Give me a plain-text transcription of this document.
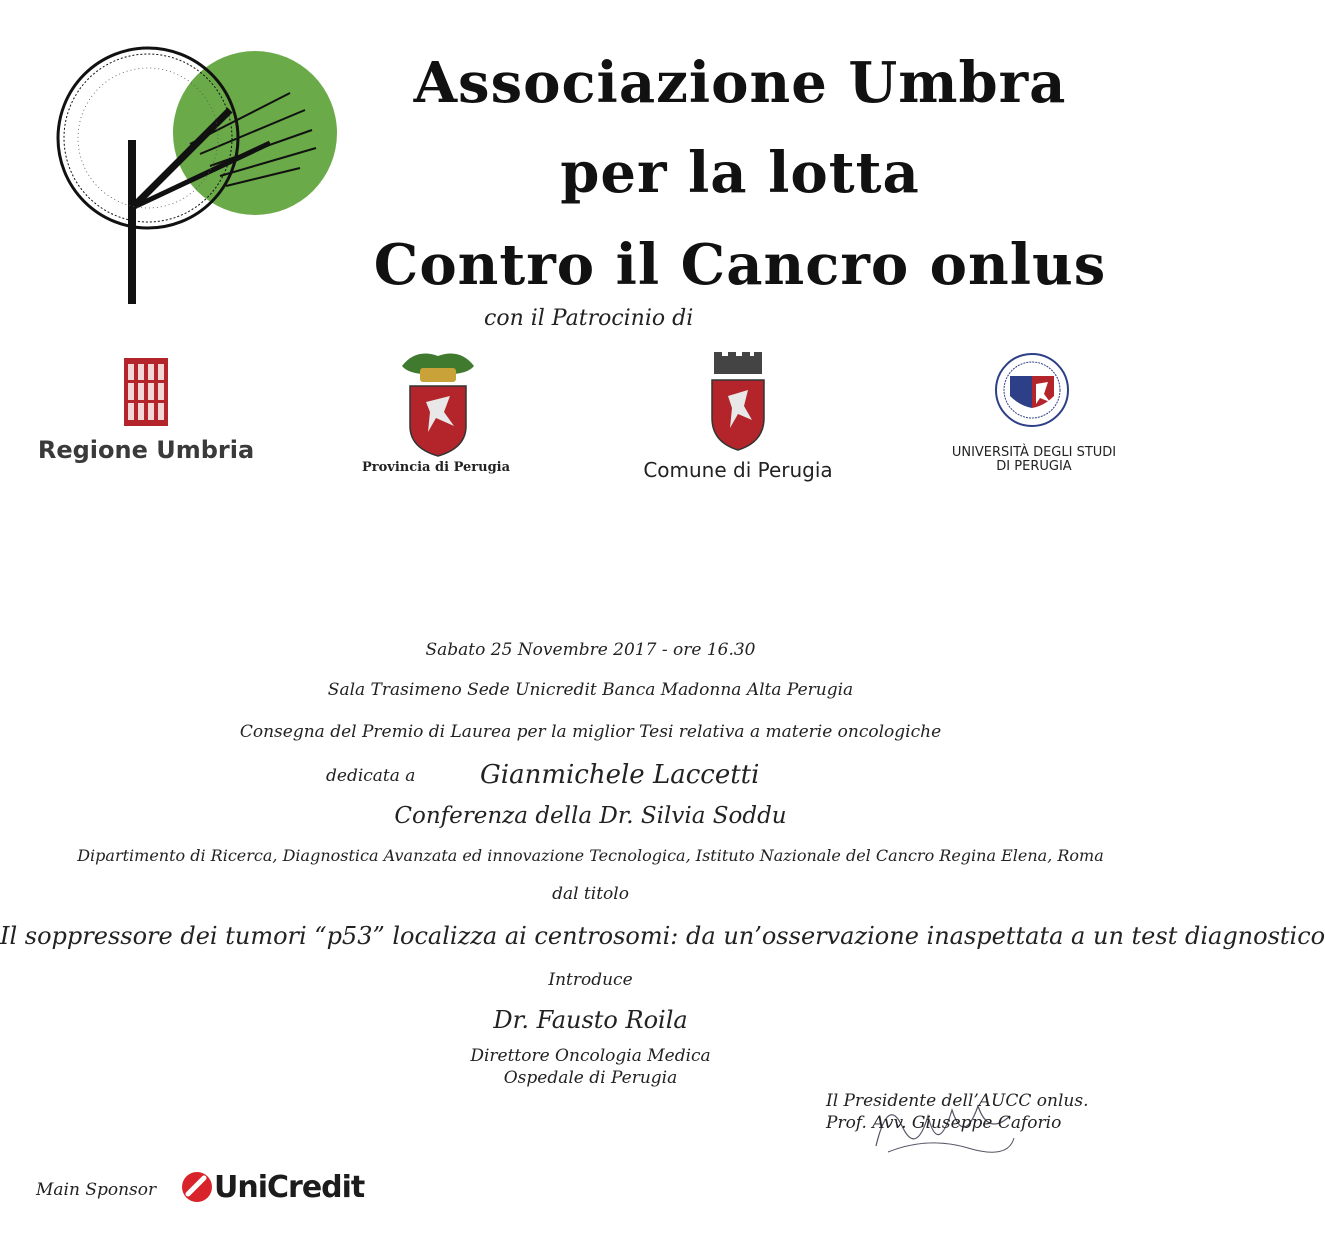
Associazione Umbra
per la lotta
Contro il Cancro onlus
con il Patrocinio di
Regione Umbria
Provincia di Perugia	Comune di Perugia
UNIVERSITÀ DEGLI STUDI
DI PERUGIA
Sabato 25 Novembre 2017 - ore 16.30
Sala Trasimeno Sede Unicredit Banca Madonna Alta Perugia
Consegna del Premio di Laurea per la miglior Tesi relativa a materie oncologiche
dedicata a Gianmichele Laccetti
Conferenza della Dr. Silvia Soddu
Dipartimento di Ricerca, Diagnostica Avanzata ed innovazione Tecnologica, Istituto Nazionale del Cancro Regina Elena, Roma
dal titolo
Il soppressore dei tumori “p53” localizza ai centrosomi: da un’osservazione inaspettata a un test diagnostico
Introduce
Dr. Fausto Roila
Direttore Oncologia Medica
Ospedale di Perugia
Il Presidente dell’AUCC onlus.
Prof. Avv. Giuseppe Caforio
Main Sponsor UniCredit
